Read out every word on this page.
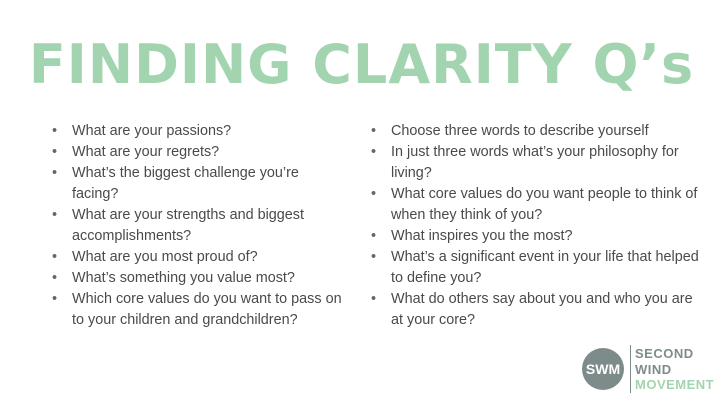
FINDING CLARITY Q’s
• What are your passions?
• What are your regrets?
• What’s the biggest challenge you’re facing?
• What are your strengths and biggest accomplishments?
• What are you most proud of?
• What’s something you value most?
• Which core values do you want to pass on to your children and grandchildren?
• Choose three words to describe yourself
• In just three words what’s your philosophy for living?
• What core values do you want people to think of when they think of you?
• What inspires you the most?
• What’s a significant event in your life that helped to define you?
• What do others say about you and who you are at your core?
SWM
SECOND
WIND
MOVEMENT
